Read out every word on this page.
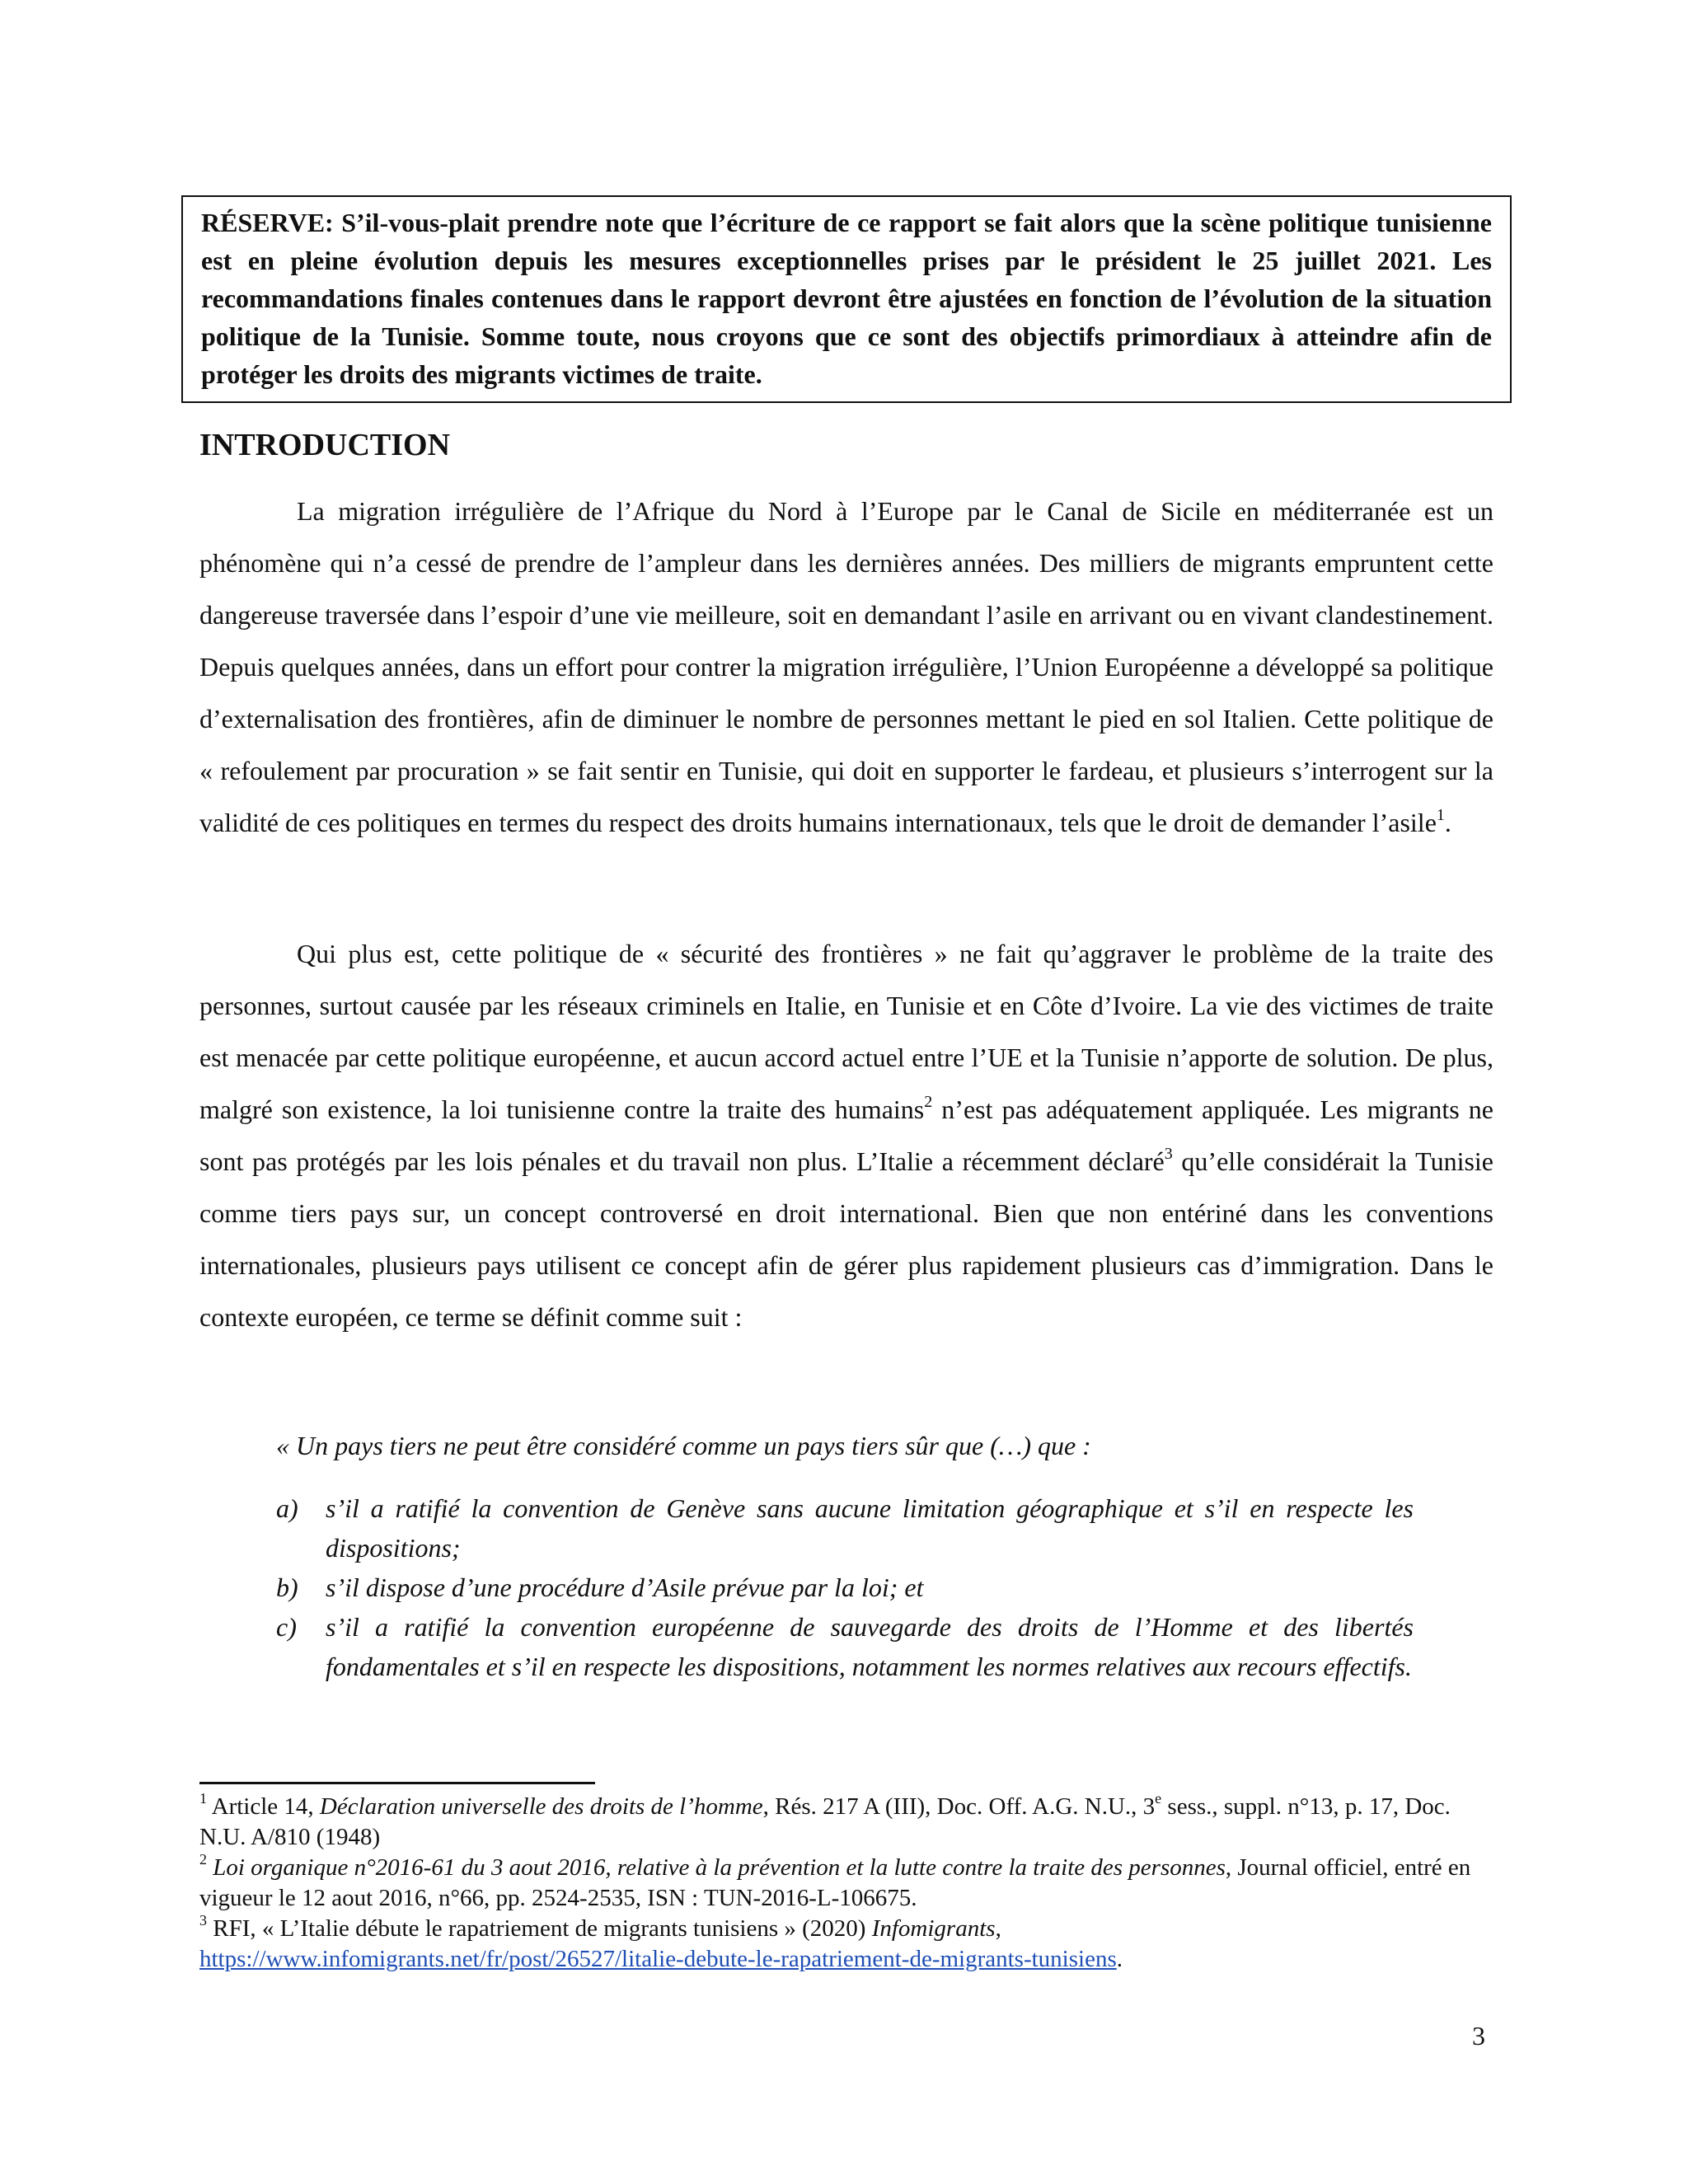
RÉSERVE: S’il-vous-plait prendre note que l’écriture de ce rapport se fait alors que la scène politique tunisienne est en pleine évolution depuis les mesures exceptionnelles prises par le président le 25 juillet 2021. Les recommandations finales contenues dans le rapport devront être ajustées en fonction de l’évolution de la situation politique de la Tunisie. Somme toute, nous croyons que ce sont des objectifs primordiaux à atteindre afin de protéger les droits des migrants victimes de traite.
INTRODUCTION

La migration irrégulière de l’Afrique du Nord à l’Europe par le Canal de Sicile en méditerranée est un phénomène qui n’a cessé de prendre de l’ampleur dans les dernières années. Des milliers de migrants empruntent cette dangereuse traversée dans l’espoir d’une vie meilleure, soit en demandant l’asile en arrivant ou en vivant clandestinement. Depuis quelques années, dans un effort pour contrer la migration irrégulière, l’Union Européenne a développé sa politique d’externalisation des frontières, afin de diminuer le nombre de personnes mettant le pied en sol Italien. Cette politique de « refoulement par procuration » se fait sentir en Tunisie, qui doit en supporter le fardeau, et plusieurs s’interrogent sur la validité de ces politiques en termes du respect des droits humains internationaux, tels que le droit de demander l’asile$^1$.

Qui plus est, cette politique de « sécurité des frontières » ne fait qu’aggraver le problème de la traite des personnes, surtout causée par les réseaux criminels en Italie, en Tunisie et en Côte d’Ivoire. La vie des victimes de traite est menacée par cette politique européenne, et aucun accord actuel entre l’UE et la Tunisie n’apporte de solution. De plus, malgré son existence, la loi tunisienne contre la traite des humains$^2$ n’est pas adéquatement appliquée. Les migrants ne sont pas protégés par les lois pénales et du travail non plus. L’Italie a récemment déclaré$^3$ qu’elle considérait la Tunisie comme tiers pays sur, un concept controversé en droit international. Bien que non entériné dans les conventions internationales, plusieurs pays utilisent ce concept afin de gérer plus rapidement plusieurs cas d’immigration. Dans le contexte européen, ce terme se définit comme suit :

« Un pays tiers ne peut être considéré comme un pays tiers sûr que (…) que :

a) s’il a ratifié la convention de Genève sans aucune limitation géographique et s’il en respecte les dispositions;
b) s’il dispose d’une procédure d’Asile prévue par la loi; et
c) s’il a ratifié la convention européenne de sauvegarde des droits de l’Homme et des libertés fondamentales et s’il en respecte les dispositions, notamment les normes relatives aux recours effectifs.

$^1$ Article 14, Déclaration universelle des droits de l’homme, Rés. 217 A (III), Doc. Off. A.G. N.U., 3e sess., suppl. n°13, p. 17, Doc. N.U. A/810 (1948)

$^2$ Loi organique n°2016-61 du 3 aout 2016, relative à la prévention et la lutte contre la traite des personnes, Journal officiel, entré en vigueur le 12 aout 2016, n°66, pp. 2524-2535, ISN : TUN-2016-L-106675.

$^3$ RFI, « L’Italie débute le rapatriement de migrants tunisiens » (2020) Infomigrants,
https://www.infomigrants.net/fr/post/26527/litalie-debute-le-rapatriement-de-migrants-tunisiens.

3
